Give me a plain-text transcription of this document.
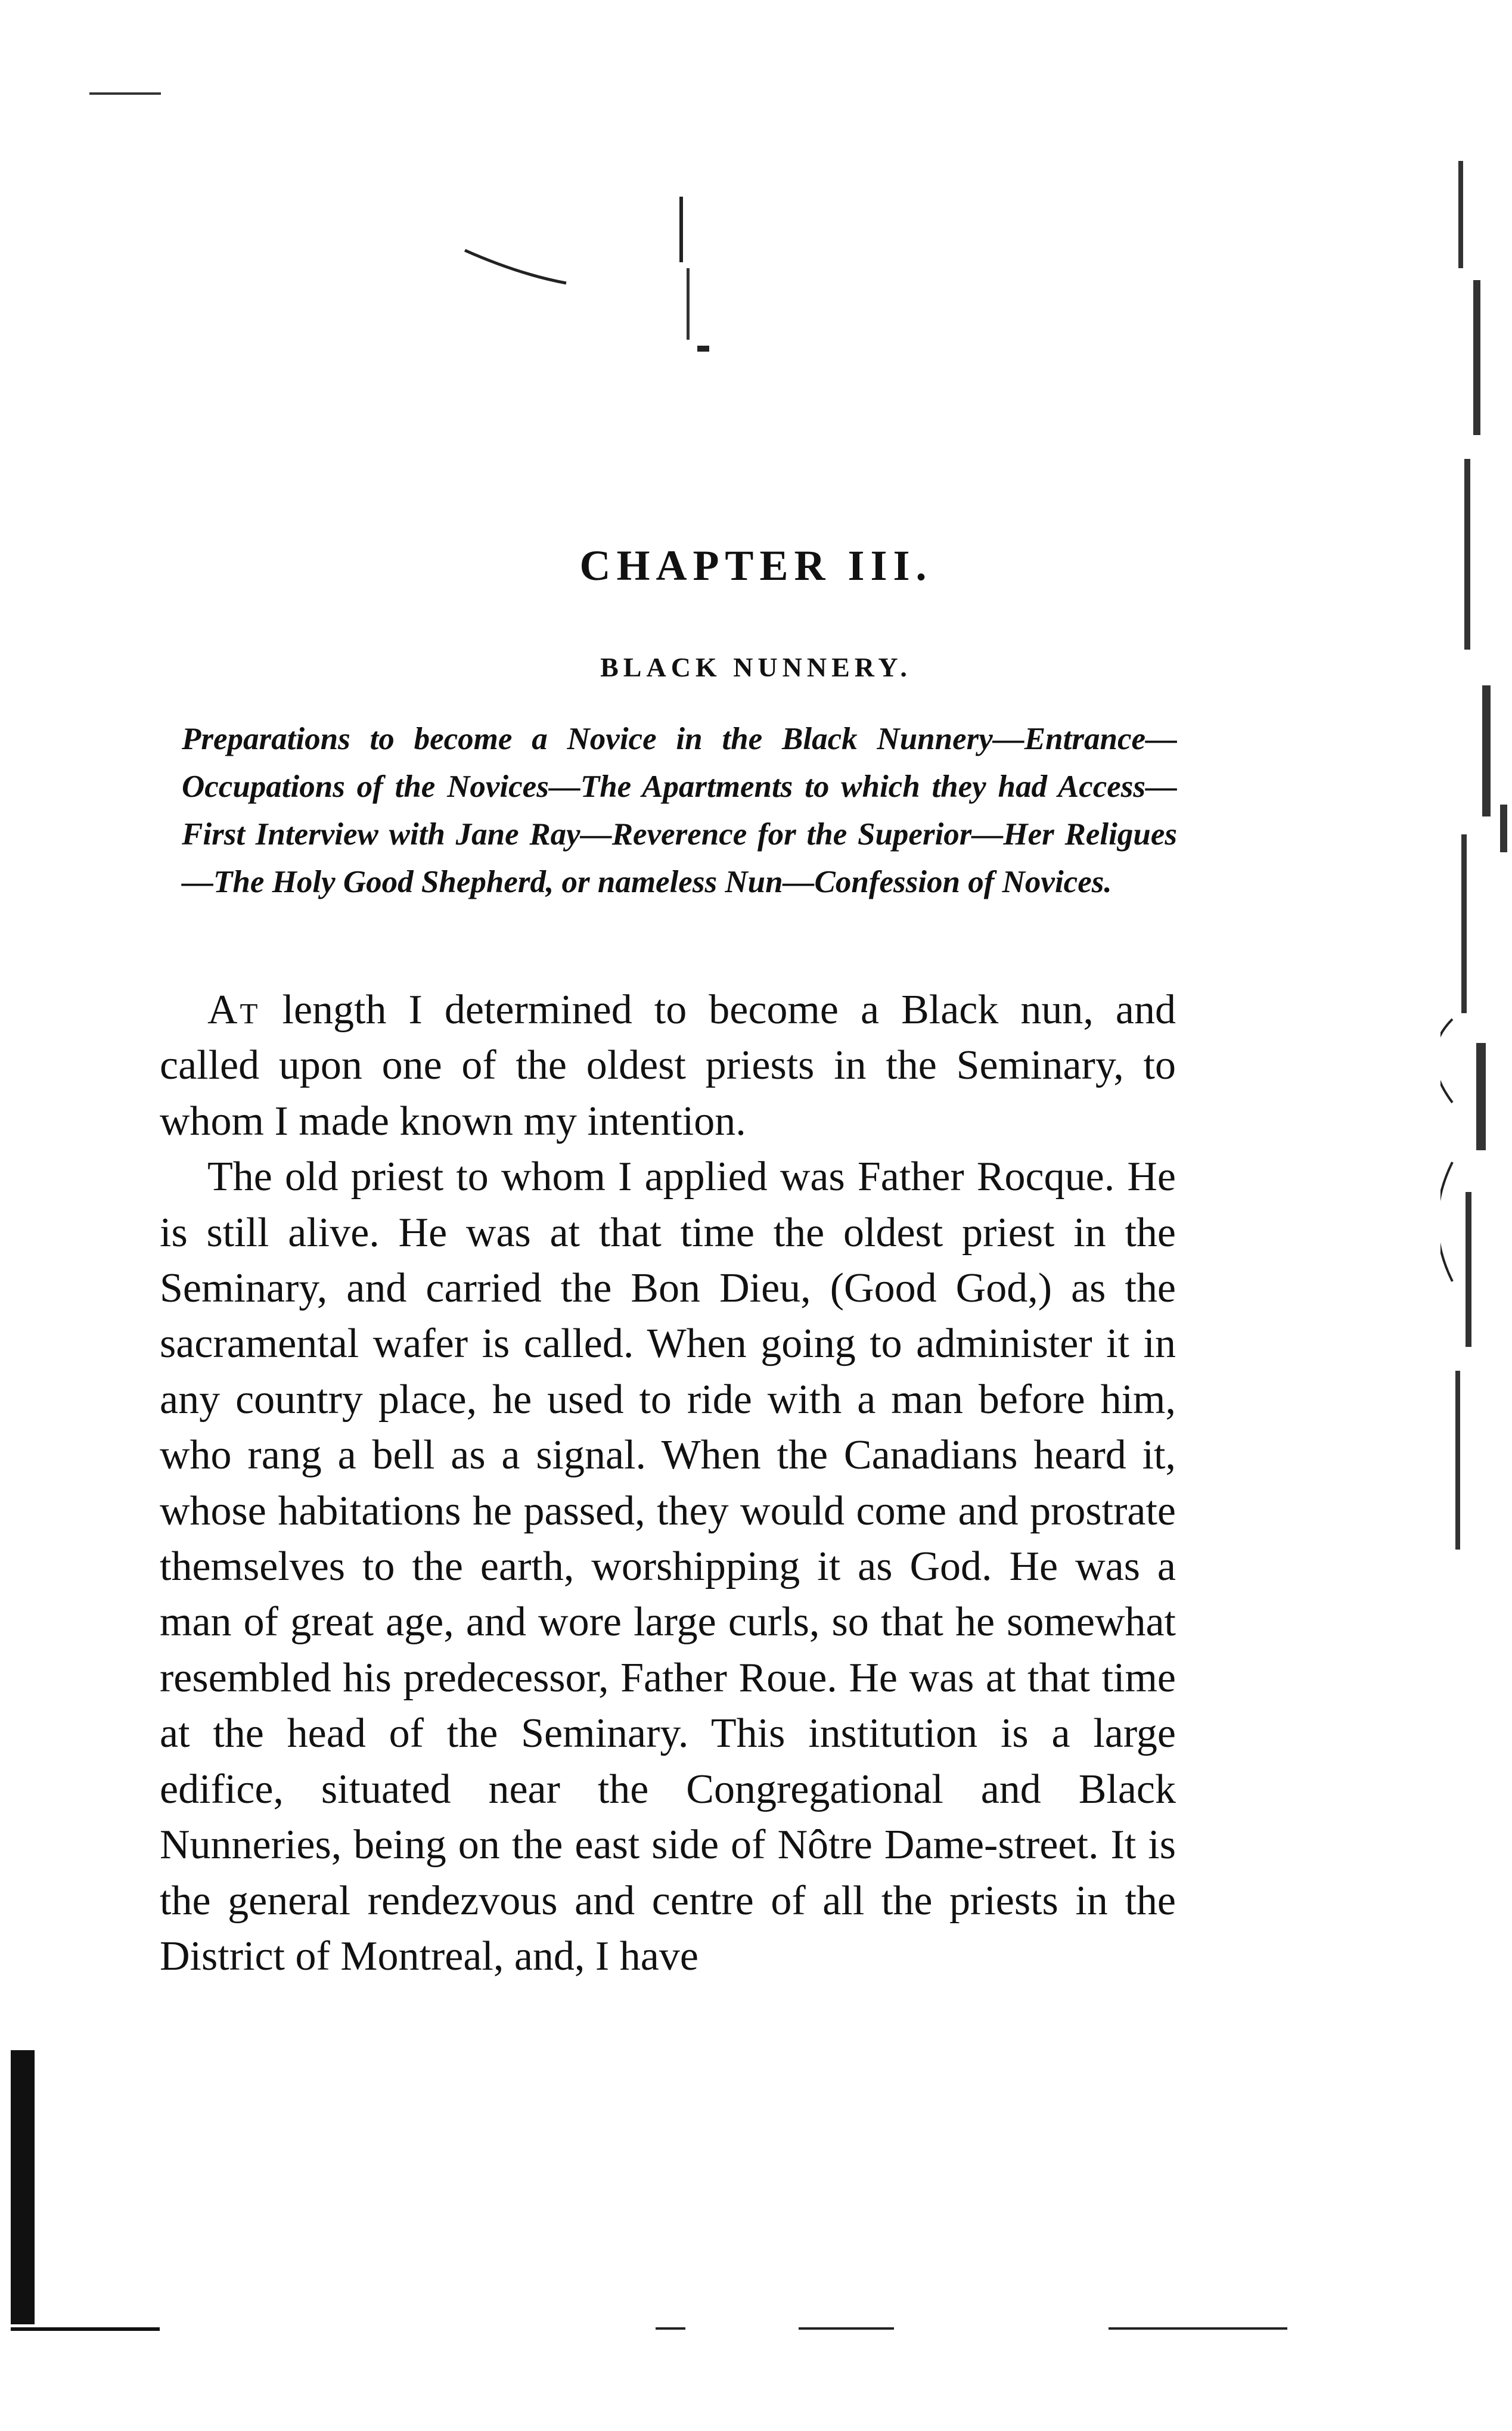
CHAPTER III.
BLACK NUNNERY.
Preparations to become a Novice in the Black Nunnery—Entrance—Occupations of the Novices—The Apartments to which they had Access—First Interview with Jane Ray—Reverence for the Superior—Her Religues—The Holy Good Shepherd, or nameless Nun—Confession of Novices.

At length I determined to become a Black nun, and called upon one of the oldest priests in the Seminary, to whom I made known my intention.

The old priest to whom I applied was Father Rocque. He is still alive. He was at that time the oldest priest in the Seminary, and carried the Bon Dieu, (Good God,) as the sacramental wafer is called. When going to administer it in any country place, he used to ride with a man before him, who rang a bell as a signal. When the Canadians heard it, whose habitations he passed, they would come and prostrate themselves to the earth, worshipping it as God. He was a man of great age, and wore large curls, so that he somewhat resembled his predecessor, Father Roue. He was at that time at the head of the Seminary. This institution is a large edifice, situated near the Congregational and Black Nunneries, being on the east side of Nôtre Dame-street. It is the general rendezvous and centre of all the priests in the District of Montreal, and, I have
